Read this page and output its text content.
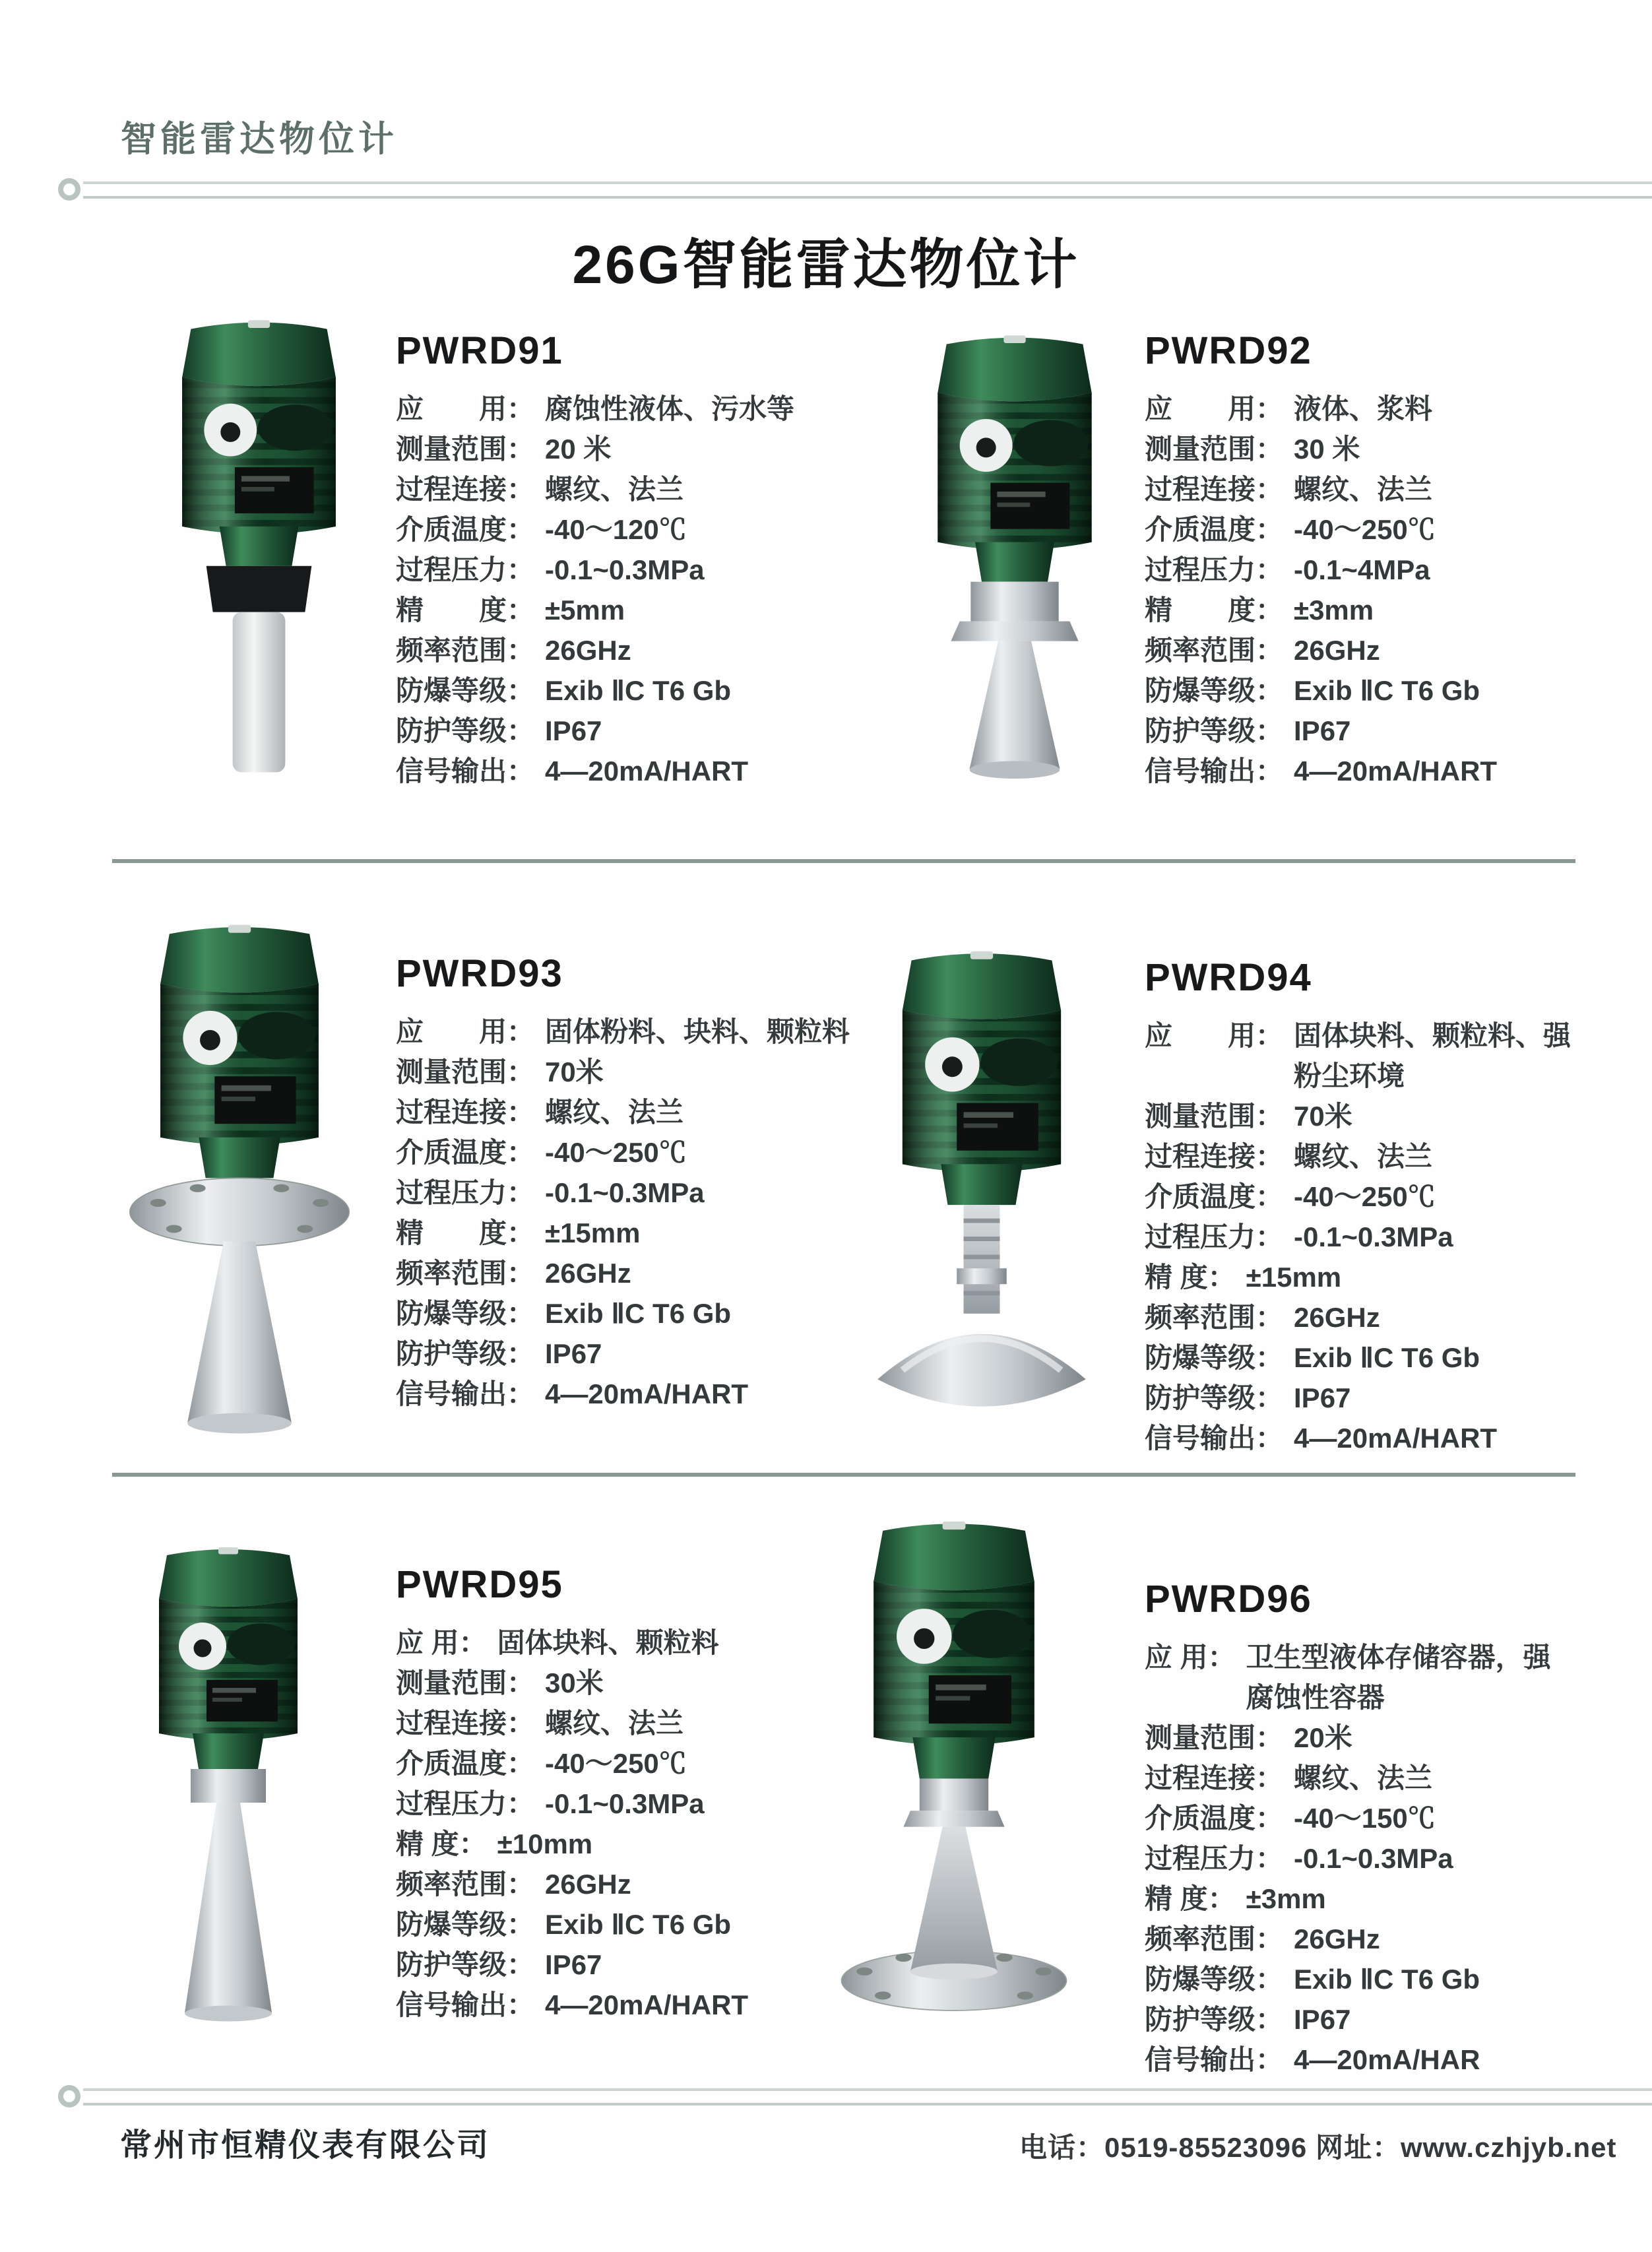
智能雷达物位计
26G智能雷达物位计
PWRD91
应　　用： 腐蚀性液体、污水等
测量范围： 20 米
过程连接： 螺纹、法兰
介质温度： -40～120℃
过程压力： -0.1~0.3MPa
精　　度： ±5mm
频率范围： 26GHz
防爆等级： Exib ⅡC T6 Gb
防护等级： IP67
信号输出： 4—20mA/HART
PWRD92
应　　用： 液体、浆料
测量范围： 30 米
过程连接： 螺纹、法兰
介质温度： -40～250℃
过程压力： -0.1~4MPa
精　　度： ±3mm
频率范围： 26GHz
防爆等级： Exib ⅡC T6 Gb
防护等级： IP67
信号输出： 4—20mA/HART
PWRD93
应　　用： 固体粉料、块料、颗粒料
测量范围： 70米
过程连接： 螺纹、法兰
介质温度： -40～250℃
过程压力： -0.1~0.3MPa
精　　度： ±15mm
频率范围： 26GHz
防爆等级： Exib ⅡC T6 Gb
防护等级： IP67
信号输出： 4—20mA/HART
PWRD94
应　　用： 固体块料、颗粒料、强粉尘环境
测量范围： 70米
过程连接： 螺纹、法兰
介质温度： -40～250℃
过程压力： -0.1~0.3MPa
精 度： ±15mm
频率范围： 26GHz
防爆等级： Exib ⅡC T6 Gb
防护等级： IP67
信号输出： 4—20mA/HART
PWRD95
应 用： 固体块料、颗粒料
测量范围： 30米
过程连接： 螺纹、法兰
介质温度： -40～250℃
过程压力： -0.1~0.3MPa
精 度： ±10mm
频率范围： 26GHz
防爆等级： Exib ⅡC T6 Gb
防护等级： IP67
信号输出： 4—20mA/HART
PWRD96
应 用： 卫生型液体存储容器，强腐蚀性容器
测量范围： 20米
过程连接： 螺纹、法兰
介质温度： -40～150℃
过程压力： -0.1~0.3MPa
精 度： ±3mm
频率范围： 26GHz
防爆等级： Exib ⅡC T6 Gb
防护等级： IP67
信号输出： 4—20mA/HAR
常州市恒精仪表有限公司	电话：0519-85523096 网址：www.czhjyb.net
